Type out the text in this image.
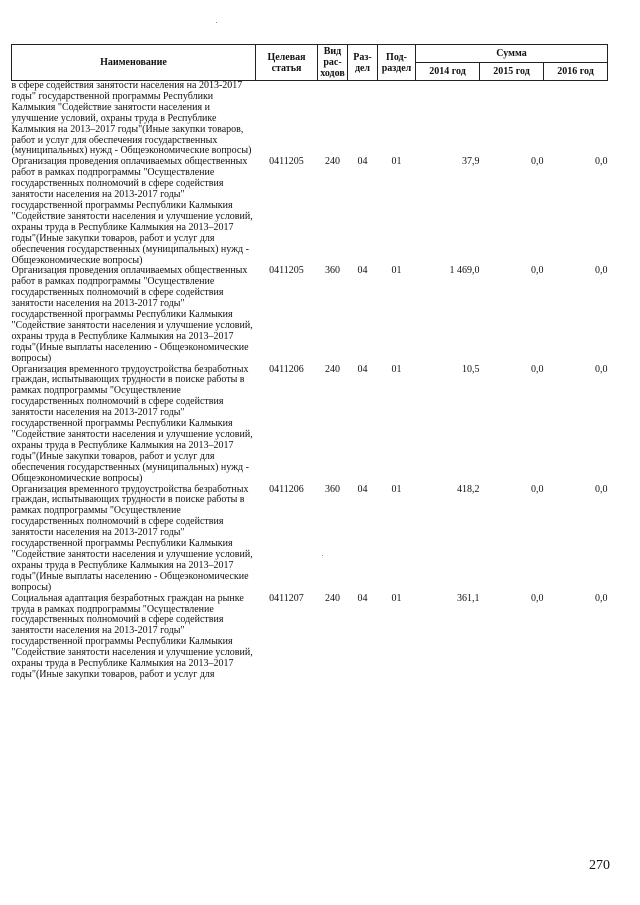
Наименование	Целевая статья	Вид рас-ходов	Раз-дел	Под-раздел	Сумма		
					2014 год	2015 год	2016 год
в сфере содействия занятости населения на 2013-2017 годы" государственной программы Республики Калмыкия "Содействие занятости населения и улучшение условий, охраны труда в Республике Калмыкия на 2013–2017 годы"(Иные закупки товаров, работ и услуг для обеспечения государственных (муниципальных) нужд - Общеэкономические вопросы)							
Организация проведения оплачиваемых общественных работ в рамках подпрограммы "Осуществление государственных полномочий в сфере содействия занятости населения на 2013-2017 годы" государственной программы Республики Калмыкия "Содействие занятости населения и улучшение условий, охраны труда в Республике Калмыкия на 2013–2017 годы"(Иные закупки товаров, работ и услуг для обеспечения государственных (муниципальных) нужд - Общеэкономические вопросы)	0411205	240	04	01	37,9	0,0	0,0
Организация проведения оплачиваемых общественных работ в рамках подпрограммы "Осуществление государственных полномочий в сфере содействия занятости населения на 2013-2017 годы" государственной программы Республики Калмыкия "Содействие занятости населения и улучшение условий, охраны труда в Республике Калмыкия на 2013–2017 годы"(Иные выплаты населению - Общеэкономические вопросы)	0411205	360	04	01	1 469,0	0,0	0,0
Организация временного трудоустройства безработных граждан, испытывающих трудности в поиске работы в рамках подпрограммы "Осуществление государственных полномочий в сфере содействия занятости населения на 2013-2017 годы" государственной программы Республики Калмыкия "Содействие занятости населения и улучшение условий, охраны труда в Республике Калмыкия на 2013–2017 годы"(Иные закупки товаров, работ и услуг для обеспечения государственных (муниципальных) нужд - Общеэкономические вопросы)	0411206	240	04	01	10,5	0,0	0,0
Организация временного трудоустройства безработных граждан, испытывающих трудности в поиске работы в рамках подпрограммы "Осуществление государственных полномочий в сфере содействия занятости населения на 2013-2017 годы" государственной программы Республики Калмыкия "Содействие занятости населения и улучшение условий, охраны труда в Республике Калмыкия на 2013–2017 годы"(Иные выплаты населению - Общеэкономические вопросы)	0411206	360	04	01	418,2	0,0	0,0
Социальная адаптация безработных граждан на рынке труда в рамках подпрограммы "Осуществление государственных полномочий в сфере содействия занятости населения на 2013-2017 годы" государственной программы Республики Калмыкия "Содействие занятости населения и улучшение условий, охраны труда в Республике Калмыкия на 2013–2017 годы"(Иные закупки товаров, работ и услуг для	0411207	240	04	01	361,1	0,0	0,0
270
